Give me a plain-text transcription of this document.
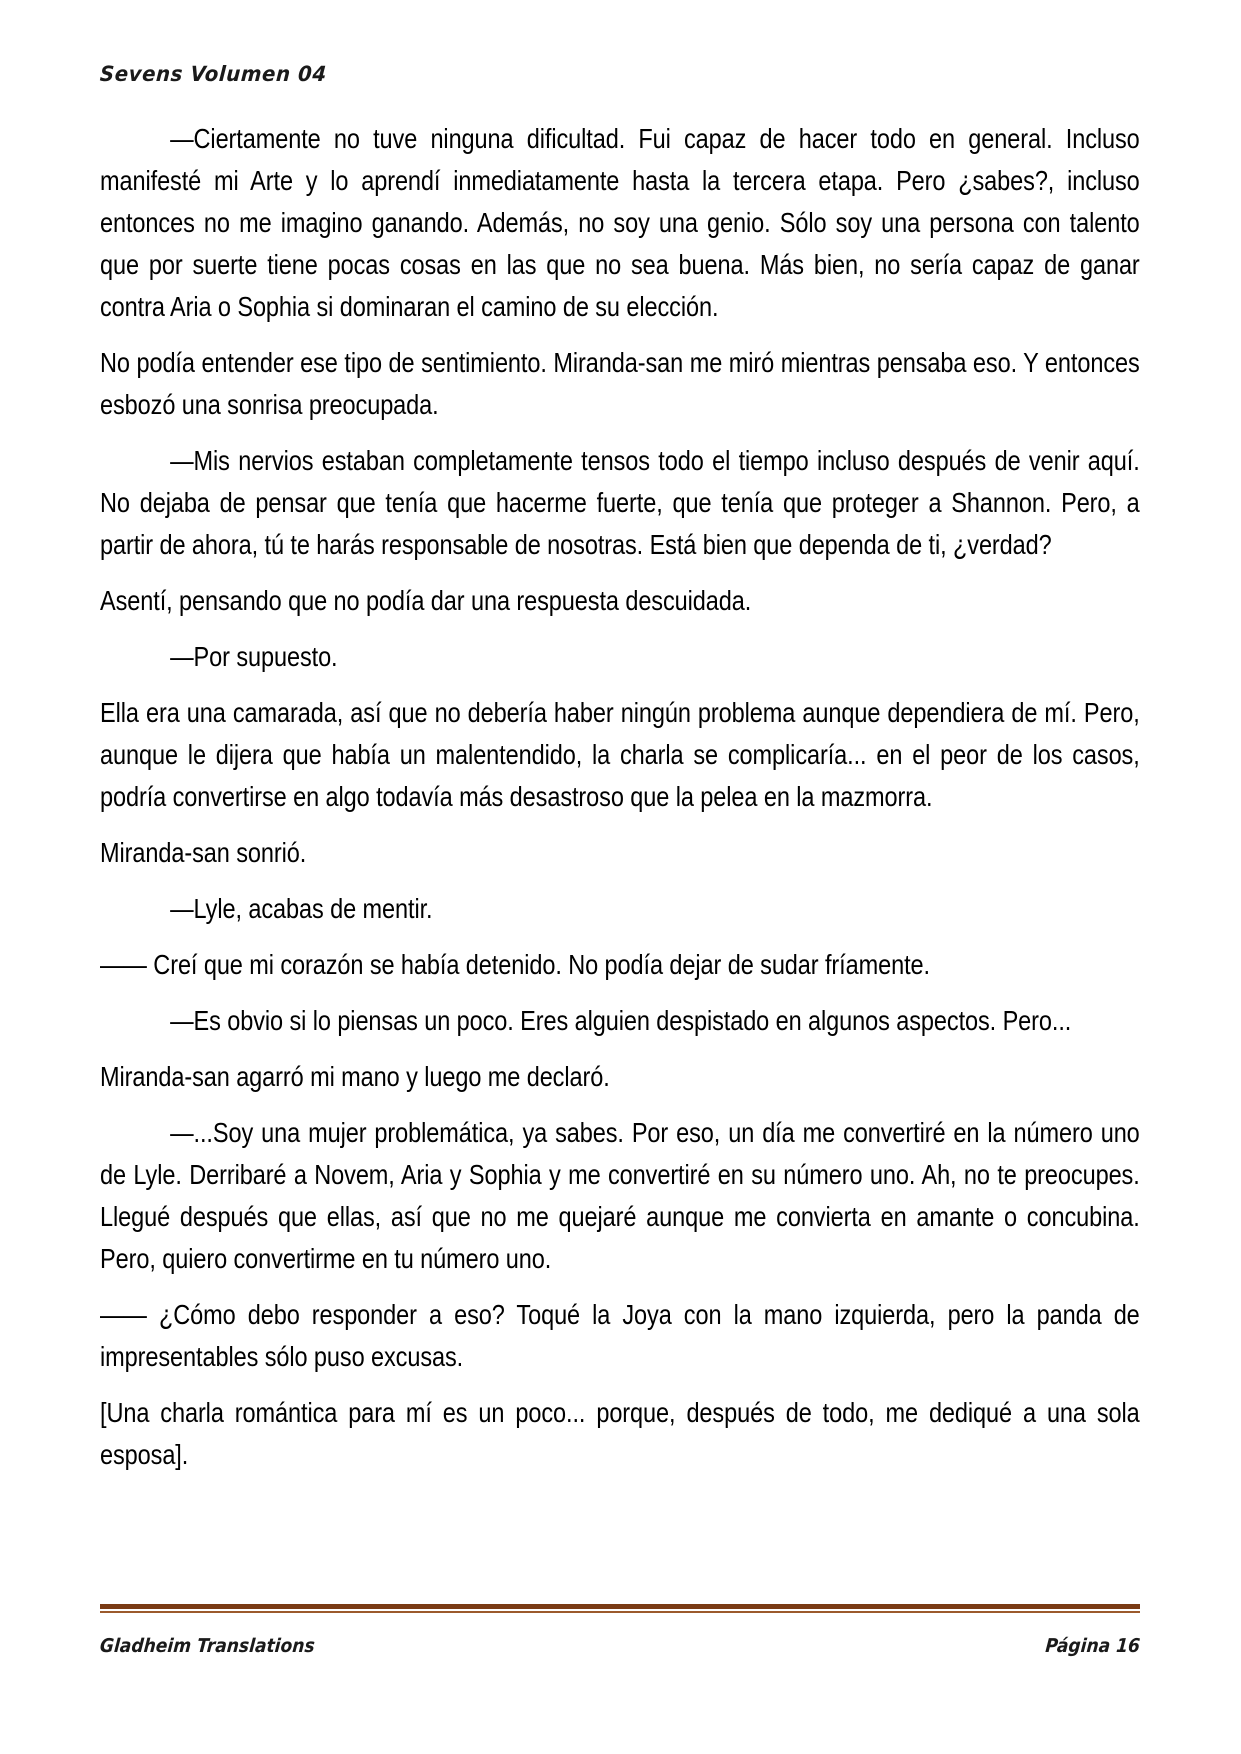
Sevens Volumen 04

—Ciertamente no tuve ninguna dificultad. Fui capaz de hacer todo en general. Incluso manifesté mi Arte y lo aprendí inmediatamente hasta la tercera etapa. Pero ¿sabes?, incluso entonces no me imagino ganando. Además, no soy una genio. Sólo soy una persona con talento que por suerte tiene pocas cosas en las que no sea buena. Más bien, no sería capaz de ganar contra Aria o Sophia si dominaran el camino de su elección.

No podía entender ese tipo de sentimiento. Miranda-san me miró mientras pensaba eso. Y entonces esbozó una sonrisa preocupada.

—Mis nervios estaban completamente tensos todo el tiempo incluso después de venir aquí. No dejaba de pensar que tenía que hacerme fuerte, que tenía que proteger a Shannon. Pero, a partir de ahora, tú te harás responsable de nosotras. Está bien que dependa de ti, ¿verdad?

Asentí, pensando que no podía dar una respuesta descuidada.

—Por supuesto.

Ella era una camarada, así que no debería haber ningún problema aunque dependiera de mí. Pero, aunque le dijera que había un malentendido, la charla se complicaría... en el peor de los casos, podría convertirse en algo todavía más desastroso que la pelea en la mazmorra.

Miranda-san sonrió.

—Lyle, acabas de mentir.

—— Creí que mi corazón se había detenido. No podía dejar de sudar fríamente.

—Es obvio si lo piensas un poco. Eres alguien despistado en algunos aspectos. Pero...

Miranda-san agarró mi mano y luego me declaró.

—...Soy una mujer problemática, ya sabes. Por eso, un día me convertiré en la número uno de Lyle. Derribaré a Novem, Aria y Sophia y me convertiré en su número uno. Ah, no te preocupes. Llegué después que ellas, así que no me quejaré aunque me convierta en amante o concubina. Pero, quiero convertirme en tu número uno.

—— ¿Cómo debo responder a eso? Toqué la Joya con la mano izquierda, pero la panda de impresentables sólo puso excusas.

[Una charla romántica para mí es un poco... porque, después de todo, me dediqué a una sola esposa].

Gladheim Translations	Página 16
